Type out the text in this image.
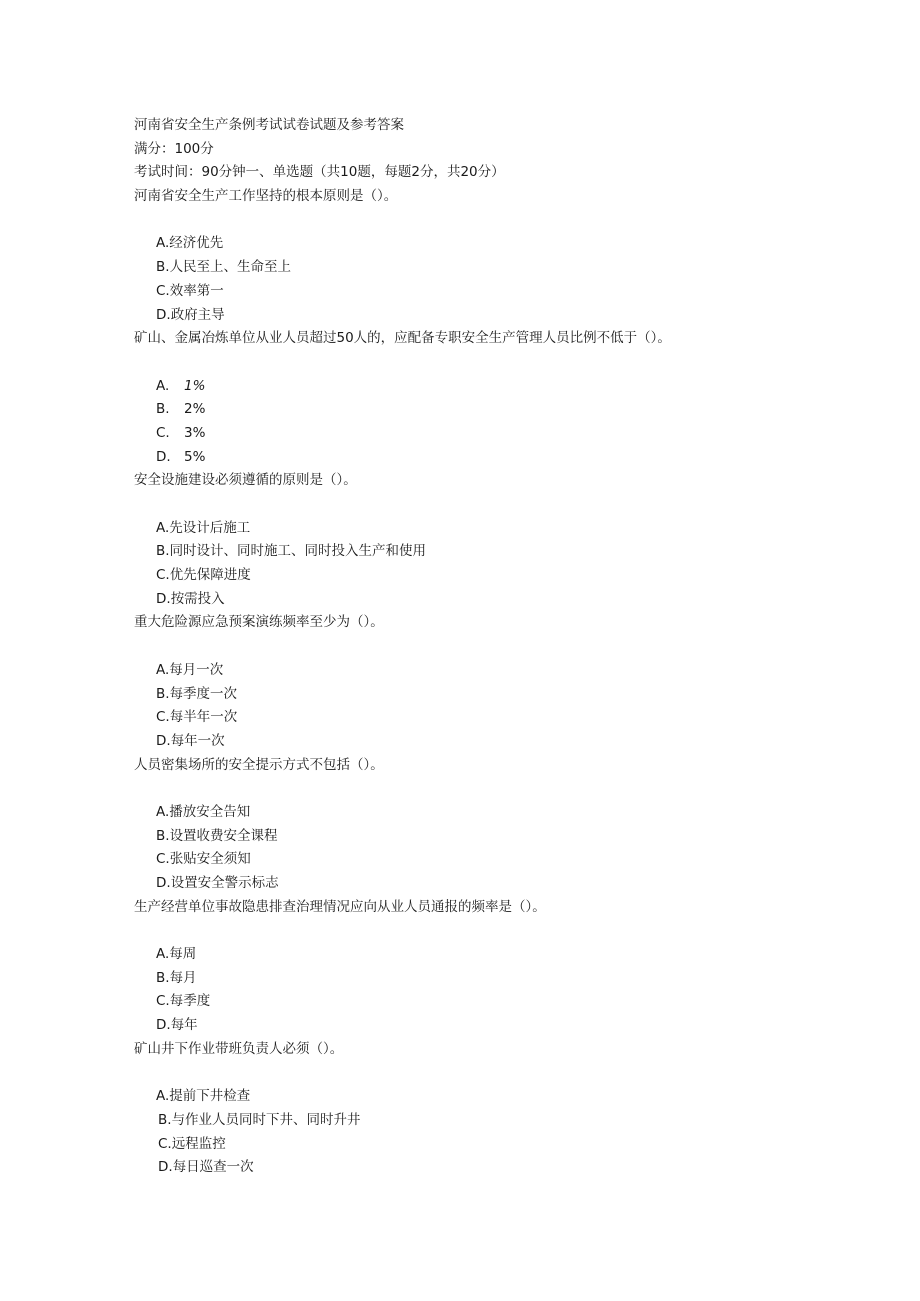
河南省安全生产条例考试试卷试题及参考答案
满分：100分
考试时间：90分钟一、单选题（共10题，每题2分，共20分）
河南省安全生产工作坚持的根本原则是（）。
A.经济优先
B.人民至上、生命至上
C.效率第一
D.政府主导
矿山、金属冶炼单位从业人员超过50人的，应配备专职安全生产管理人员比例不低于（）。
A. 1%
B. 2%
C. 3%
D. 5%
安全设施建设必须遵循的原则是（）。
A.先设计后施工
B.同时设计、同时施工、同时投入生产和使用
C.优先保障进度
D.按需投入
重大危险源应急预案演练频率至少为（）。
A.每月一次
B.每季度一次
C.每半年一次
D.每年一次
人员密集场所的安全提示方式不包括（）。
A.播放安全告知
B.设置收费安全课程
C.张贴安全须知
D.设置安全警示标志
生产经营单位事故隐患排查治理情况应向从业人员通报的频率是（）。
A.每周
B.每月
C.每季度
D.每年
矿山井下作业带班负责人必须（）。
A.提前下井检查
B.与作业人员同时下井、同时升井
C.远程监控
D.每日巡查一次
